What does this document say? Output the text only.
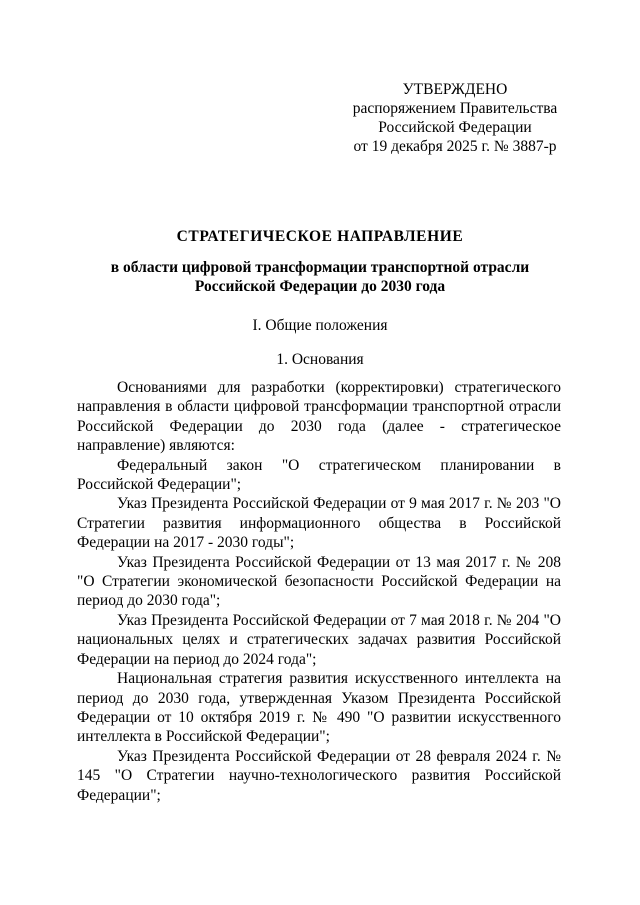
УТВЕРЖДЕНО
распоряжением Правительства
Российской Федерации
от 19 декабря 2025 г. № 3887-р
СТРАТЕГИЧЕСКОЕ НАПРАВЛЕНИЕ
в области цифровой трансформации транспортной отрасли
Российской Федерации до 2030 года
I. Общие положения
1. Основания

Основаниями для разработки (корректировки) стратегического направления в области цифровой трансформации транспортной отрасли Российской Федерации до 2030 года (далее - стратегическое направление) являются:

Федеральный закон "О стратегическом планировании в Российской Федерации";

Указ Президента Российской Федерации от 9 мая 2017 г. № 203 "О Стратегии развития информационного общества в Российской Федерации на 2017 - 2030 годы";

Указ Президента Российской Федерации от 13 мая 2017 г. № 208 "О Стратегии экономической безопасности Российской Федерации на период до 2030 года";

Указ Президента Российской Федерации от 7 мая 2018 г. № 204 "О национальных целях и стратегических задачах развития Российской Федерации на период до 2024 года";

Национальная стратегия развития искусственного интеллекта на период до 2030 года, утвержденная Указом Президента Российской Федерации от 10 октября 2019 г. № 490 "О развитии искусственного интеллекта в Российской Федерации";

Указ Президента Российской Федерации от 28 февраля 2024 г. № 145 "О Стратегии научно-технологического развития Российской Федерации";
